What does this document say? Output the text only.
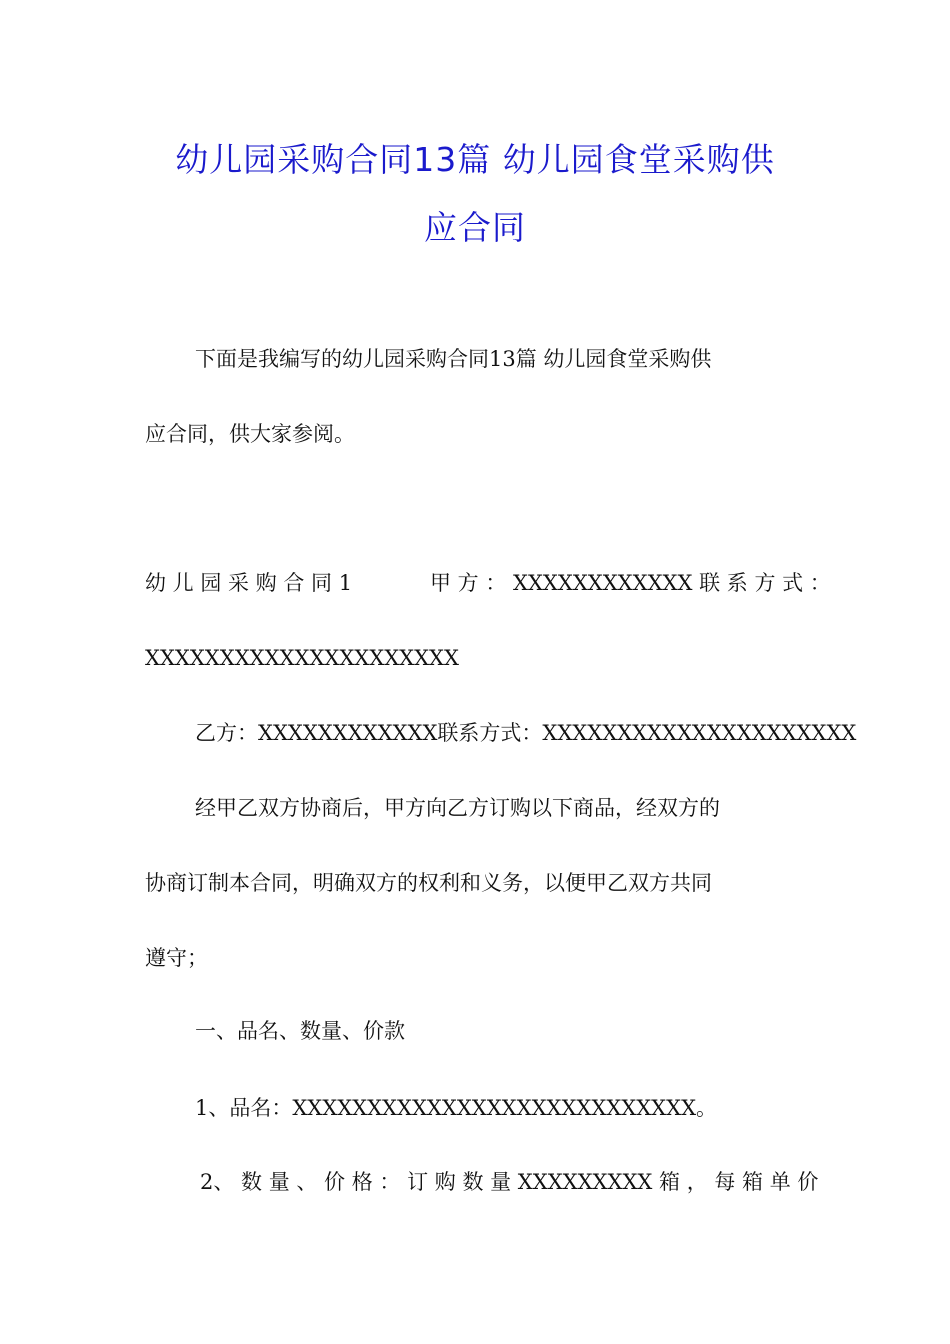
幼儿园采购合同13篇 幼儿园食堂采购供
应合同
下面是我编写的幼儿园采购合同13篇 幼儿园食堂采购供
应合同，供大家参阅。
幼 儿 园 采 购 合 同 1	甲 方 ： XXXXXXXXXXXX 联 系 方 式 ：
XXXXXXXXXXXXXXXXXXXXX
乙方：XXXXXXXXXXXX联系方式：XXXXXXXXXXXXXXXXXXXXX
经甲乙双方协商后，甲方向乙方订购以下商品，经双方的
协商订制本合同，明确双方的权利和义务，以便甲乙双方共同
遵守；
一、品名、数量、价款
1、品名：XXXXXXXXXXXXXXXXXXXXXXXXXXX。
2、 数 量 、 价 格 ： 订 购 数 量 XXXXXXXXX 箱 ， 每 箱 单 价
